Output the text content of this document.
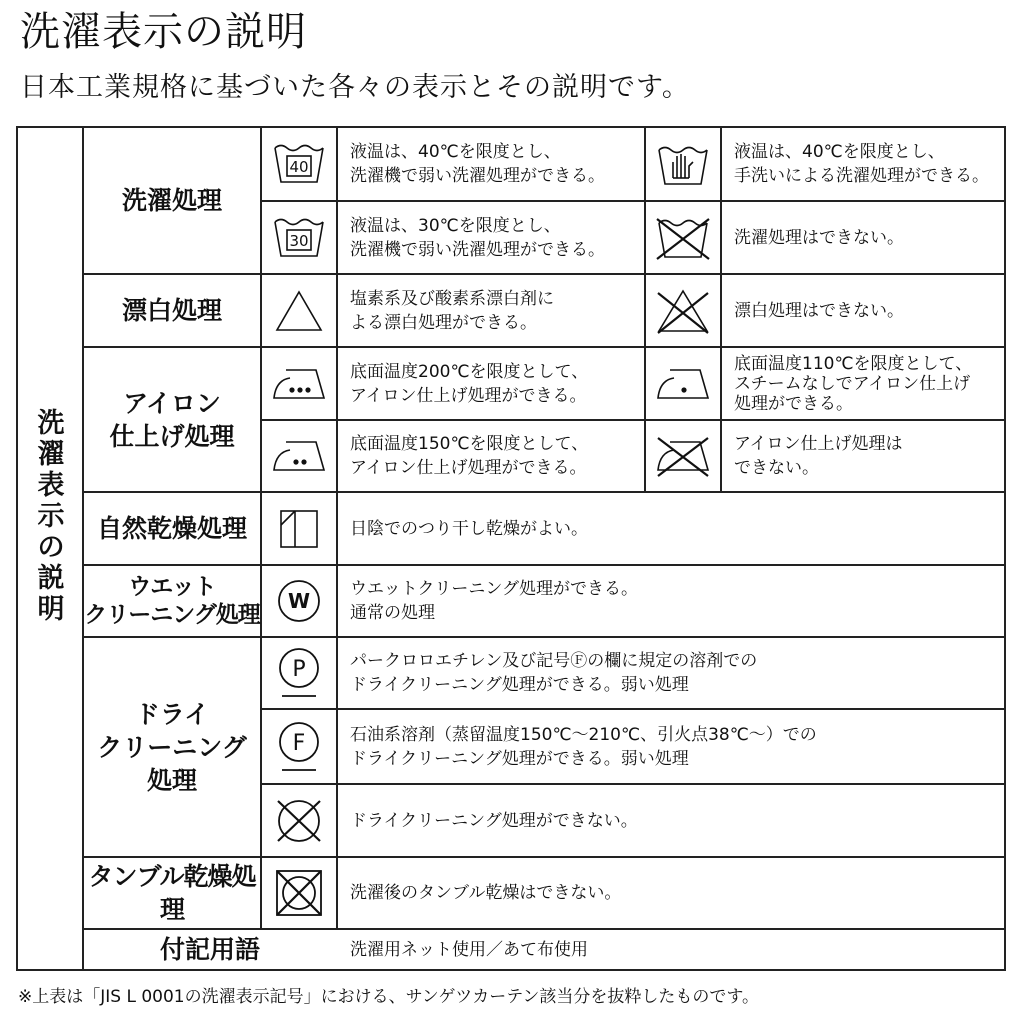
洗濯表示の説明
日本工業規格に基づいた各々の表示とその説明です。
洗
濯
表
示
の
説
明
洗濯処理
漂白処理
アイロン
仕上げ処理
自然乾燥処理
ウエット
クリーニング処理
ドライ
クリーニング
処理
タンブル乾燥処理
付記用語
40
液温は、40℃を限度とし、
洗濯機で弱い洗濯処理ができる。
液温は、40℃を限度とし、
手洗いによる洗濯処理ができる。
30
液温は、30℃を限度とし、
洗濯機で弱い洗濯処理ができる。
洗濯処理はできない。
塩素系及び酸素系漂白剤に
よる漂白処理ができる。
漂白処理はできない。
底面温度200℃を限度として、
アイロン仕上げ処理ができる。
底面温度110℃を限度として、
スチームなしでアイロン仕上げ
処理ができる。
底面温度150℃を限度として、
アイロン仕上げ処理ができる。
アイロン仕上げ処理は
できない。
日陰でのつり干し乾燥がよい。
W ウエットクリーニング処理ができる。
通常の処理
P	パークロロエチレン及び記号Ⓕの欄に規定の溶剤での
ドライクリーニング処理ができる。弱い処理
F	石油系溶剤（蒸留温度150℃〜210℃、引火点38℃〜）での
ドライクリーニング処理ができる。弱い処理
ドライクリーニング処理ができない。
洗濯後のタンブル乾燥はできない。
洗濯用ネット使用／あて布使用
※上表は「JIS L 0001の洗濯表示記号」における、サンゲツカーテン該当分を抜粋したものです。
